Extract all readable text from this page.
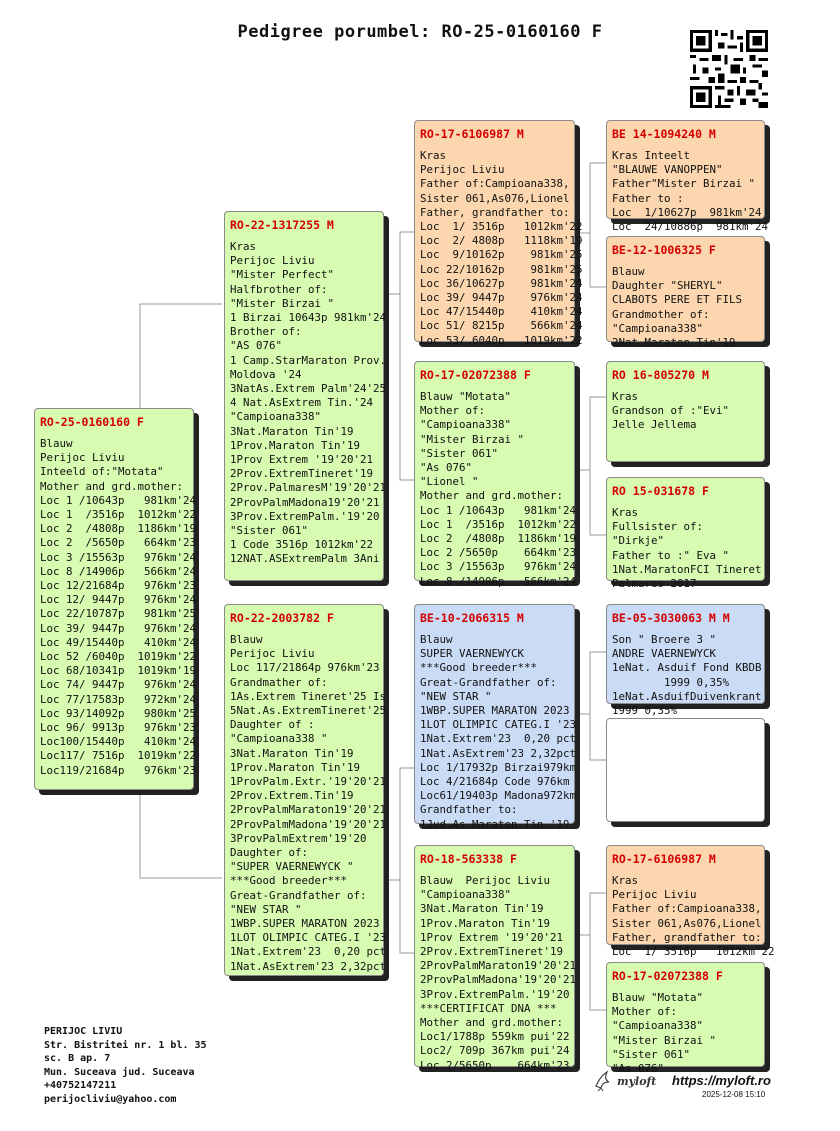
Pedigree porumbel: RO-25-0160160 F
RO-25-0160160 F
Blauw
Perijoc Liviu
Inteeld of:"Motata"
Mother and grd.mother:
Loc 1 /10643p   981km'24
Loc 1  /3516p  1012km'22
Loc 2  /4808p  1186km'19
Loc 2  /5650p   664km'23
Loc 3 /15563p   976km'24
Loc 8 /14906p   566km'24
Loc 12/21684p   976km'23
Loc 12/ 9447p   976km'24
Loc 22/10787p   981km'25
Loc 39/ 9447p   976km'24
Loc 49/15440p   410km'24
Loc 52 /6040p  1019km'22
Loc 68/10341p  1019km'19
Loc 74/ 9447p   976km'24
Loc 77/17583p   972km'24
Loc 93/14092p   980km'25
Loc 96/ 9913p   976km'23
Loc100/15440p   410km'24
Loc117/ 7516p  1019km'22
Loc119/21684p   976km'23
RO-22-1317255 M
Kras
Perijoc Liviu
"Mister Perfect"
Halfbrother of:
"Mister Birzai "
1 Birzai 10643p 981km'24
Brother of:
"AS 076"
1 Camp.StarMaraton Prov.
Moldova '24
3NatAs.Extrem Palm'24'25
4 Nat.AsExtrem Tin.'24
"Campioana338"
3Nat.Maraton Tin'19
1Prov.Maraton Tin'19
1Prov Extrem '19'20'21
2Prov.ExtremTineret'19
2Prov.PalmaresM'19'20'21
2ProvPalmMadona19'20'21
3Prov.ExtremPalm.'19'20
"Sister 061"
1 Code 3516p 1012km'22
12NAT.ASExtremPalm 3Ani
RO-22-2003782 F
Blauw
Perijoc Liviu
Loc 117/21864p 976km'23
Grandmather of:
1As.Extrem Tineret'25 Is
5Nat.As.ExtremTineret'25
Daughter of :
"Campioana338 "
3Nat.Maraton Tin'19
1Prov.Maraton Tin'19
1ProvPalm.Extr.'19'20'21
2Prov.Extrem.Tin'19
2ProvPalmMaraton19'20'21
2ProvPalmMadona'19'20'21
3ProvPalmExtrem'19'20
Daughter of:
"SUPER VAERNEWYCK "
***Good breeder***
Great-Grandfather of:
"NEW STAR "
1WBP.SUPER MARATON 2023
1LOT OLIMPIC CATEG.I '23
1Nat.Extrem'23  0,20 pct
1Nat.AsExtrem'23 2,32pct
RO-17-6106987 M
Kras
Perijoc Liviu
Father of:Campioana338,
Sister 061,As076,Lionel
Father, grandfather to:
Loc  1/ 3516p   1012km'22
Loc  2/ 4808p   1118km'19
Loc  9/10162p    981km'25
Loc 22/10162p    981km'25
Loc 36/10627p    981km'24
Loc 39/ 9447p    976km'24
Loc 47/15440p    410km'24
Loc 51/ 8215p    566km'24
Loc 53/ 6040p   1019km'22
RO-17-02072388 F
Blauw "Motata"
Mother of:
"Campioana338"
"Mister Birzai "
"Sister 061"
"As 076"
"Lionel "
Mother and grd.mother:
Loc 1 /10643p   981km'24
Loc 1  /3516p  1012km'22
Loc 2  /4808p  1186km'19
Loc 2 /5650p    664km'23
Loc 3 /15563p   976km'24
Loc 8 /14906p   566km'24
BE-10-2066315 M
Blauw
SUPER VAERNEWYCK
***Good breeder***
Great-Grandfather of:
"NEW STAR "
1WBP.SUPER MARATON 2023
1LOT OLIMPIC CATEG.I '23
1Nat.Extrem'23  0,20 pct
1Nat.AsExtrem'23 2,32pct
Loc 1/17932p Birzai979km
Loc 4/21684p Code 976km
Loc61/19403p Madona972km
Grandfather to:
1Jud.As.Maraton Tin.'19
RO-18-563338 F
Blauw  Perijoc Liviu
"Campioana338"
3Nat.Maraton Tin'19
1Prov.Maraton Tin'19
1Prov Extrem '19'20'21
2Prov.ExtremTineret'19
2ProvPalmMaraton19'20'21
2ProvPalmMadona'19'20'21
3Prov.ExtremPalm.'19'20
***CERTIFICAT DNA ***
Mother and grd.mother:
Loc1/1788p 559km pui'22
Loc2/ 709p 367km pui'24
Loc 2/5650p    664km'23
BE 14-1094240 M
Kras Inteelt
"BLAUWE VANOPPEN"
Father"Mister Birzai "
Father to :
Loc  1/10627p  981km'24
Loc  24/10886p  981km'24
BE-12-1006325 F
Blauw
Daughter "SHERYL"
CLABOTS PERE ET FILS
Grandmother of:
"Campioana338"
2Nat.Maraton Tin'19
RO 16-805270 M
Kras
Grandson of :"Evi"
Jelle Jellema
RO 15-031678 F
Kras
Fullsister of:
"Dirkje"
Father to :" Eva "
1Nat.MaratonFCI Tineret
Palmares 2017
BE-05-3030063 M M
Son " Broere 3 "
ANDRE VAERNEWYCK
1eNat. Asduif Fond KBDB
1999 0,35%
1eNat.AsduifDuivenkrant
1999 0,35%
RO-17-6106987 M
Kras
Perijoc Liviu
Father of:Campioana338,
Sister 061,As076,Lionel
Father, grandfather to:
Loc  1/ 3516p   1012km'22
RO-17-02072388 F
Blauw "Motata"
Mother of:
"Campioana338"
"Mister Birzai "
"Sister 061"
"As 076"
PERIJOC LIVIU
Str. Bistritei nr. 1 bl. 35
sc. B ap. 7
Mun. Suceava jud. Suceava
+40752147211
perijocliviu@yahoo.com
myloft https://myloft.ro
2025-12-08 15:10
